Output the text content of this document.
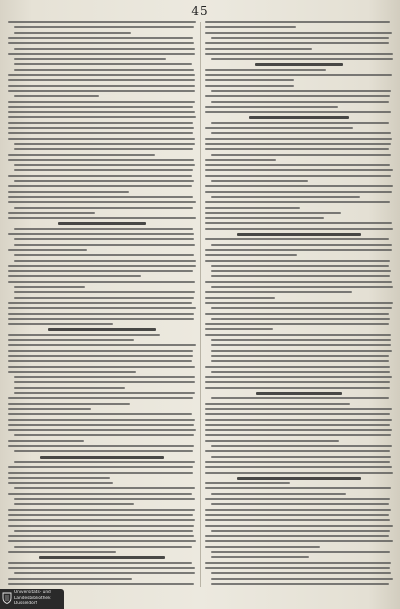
45
Universitäts- und
Landesbibliothek
Düsseldorf
